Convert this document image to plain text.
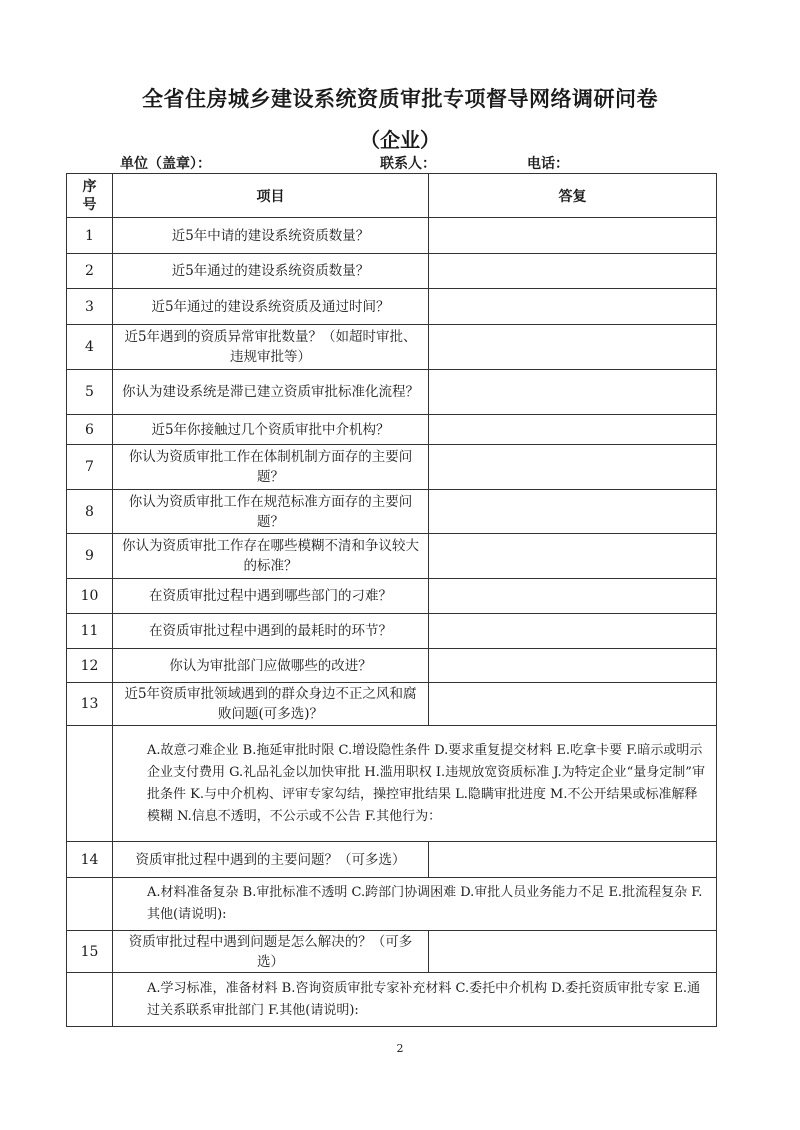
全省住房城乡建设系统资质审批专项督导网络调研问卷
（企业）
单位（盖章）：	联系人：	电话：
序号	项目	答复
1	近5年中请的建设系统资质数量？	
2	近5年通过的建设系统资质数量？	
3	近5年通过的建设系统资质及通过时间？	
4	近5年遇到的资质异常审批数量？（如超时审批、违规审批等）	
5	你认为建设系统是滞已建立资质审批标准化流程？	
6	近5年你接触过几个资质审批中介机构？	
7	你认为资质审批工作在体制机制方面存的主要问题？	
8	你认为资质审批工作在规范标准方面存的主要问题？	
9	你认为资质审批工作存在哪些模糊不清和争议较大的标准？	
10	在资质审批过程中遇到哪些部门的刁难？	
11	在资质审批过程中遇到的最耗时的环节？	
12	你认为审批部门应做哪些的改进？	
13	近5年资质审批领域遇到的群众身边不正之风和腐败问题(可多选)？	
	A.故意刁难企业 B.拖延审批时限 C.增设隐性条件 D.要求重复提交材料 E.吃拿卡要 F.暗示或明示企业支付费用 G.礼品礼金以加快审批 H.滥用职权 I.违规放宽资质标准 J.为特定企业“量身定制”审批条件 K.与中介机构、评审专家勾结，操控审批结果 L.隐瞒审批进度 M.不公开结果或标准解释模糊 N.信息不透明，不公示或不公告 F.其他行为：	
14	资质审批过程中遇到的主要问题？（可多选）	
	A.材料准备复杂 B.审批标准不透明 C.跨部门协调困难 D.审批人员业务能力不足 E.批流程复杂 F.其他(请说明):	
15	资质审批过程中遇到问题是怎么解决的？（可多选）	
	A.学习标准，准备材料 B.咨询资质审批专家补充材料 C.委托中介机构 D.委托资质审批专家 E.通过关系联系审批部门 F.其他(请说明):	
2
